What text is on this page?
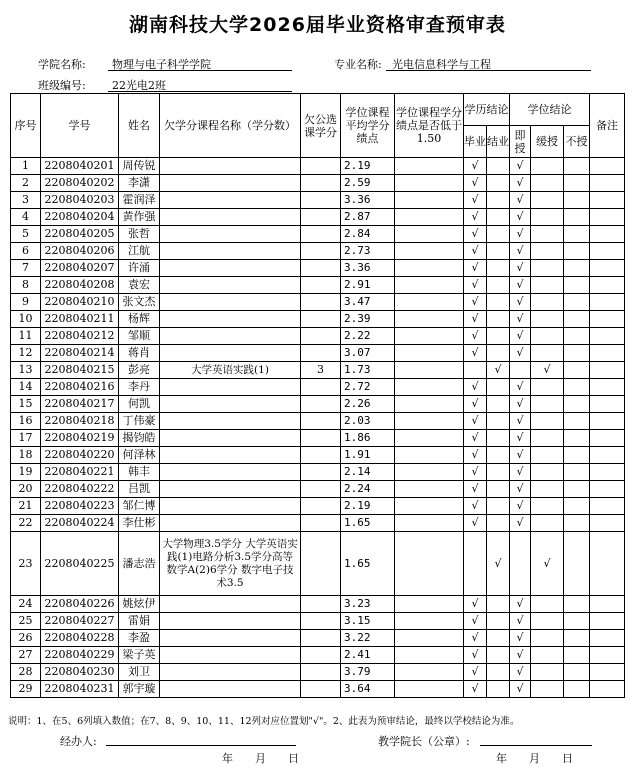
湖南科技大学2026届毕业资格审查预审表
学院名称: 物理与电子科学学院	专业名称: 光电信息科学与工程
班级编号: 22光电2班
序号	学号	姓名	欠学分课程名称（学分数）	欠公选课学分	学位课程平均学分绩点	学位课程学分绩点是否低于1.50	学历结论		学位结论			备注
							毕业	结业	即授	缓授	不授	
1	2208040201	周传锐			2.19		√		√			
2	2208040202	李潇			2.59		√		√			
3	2208040203	霍润泽			3.36		√		√			
4	2208040204	黄作强			2.87		√		√			
5	2208040205	张哲			2.84		√		√			
6	2208040206	江航			2.73		√		√			
7	2208040207	许涌			3.36		√		√			
8	2208040208	袁宏			2.91		√		√			
9	2208040210	张文杰			3.47		√		√			
10	2208040211	杨辉			2.39		√		√			
11	2208040212	邹顺			2.22		√		√			
12	2208040214	蒋肖			3.07		√		√			
13	2208040215	彭亮	大学英语实践(1)	3	1.73			√		√		
14	2208040216	李丹			2.72		√		√			
15	2208040217	何凯			2.26		√		√			
16	2208040218	丁伟豪			2.03		√		√			
17	2208040219	揭钧皓			1.86		√		√			
18	2208040220	何泽林			1.91		√		√			
19	2208040221	韩丰			2.14		√		√			
20	2208040222	吕凯			2.24		√		√			
21	2208040223	邹仁博			2.19		√		√			
22	2208040224	李仕彬			1.65		√		√			
23	2208040225	潘志浩	大学物理3.5学分 大学英语实践(1)电路分析3.5学分高等数学A(2)6学分 数字电子技术3.5		1.65			√		√		
24	2208040226	姚炫伊			3.23		√		√			
25	2208040227	雷娟			3.15		√		√			
26	2208040228	李盈			3.22		√		√			
27	2208040229	梁子英			2.41		√		√			
28	2208040230	刘卫			3.79		√		√			
29	2208040231	郭宇璇			3.64		√		√			
说明：1、在5、6列填入数值；在7、8、9、10、11、12列对应位置划"√"。2、此表为预审结论，最终以学校结论为准。
经办人:
年　　月　　日
教学院长（公章）:
年　　月　　日
